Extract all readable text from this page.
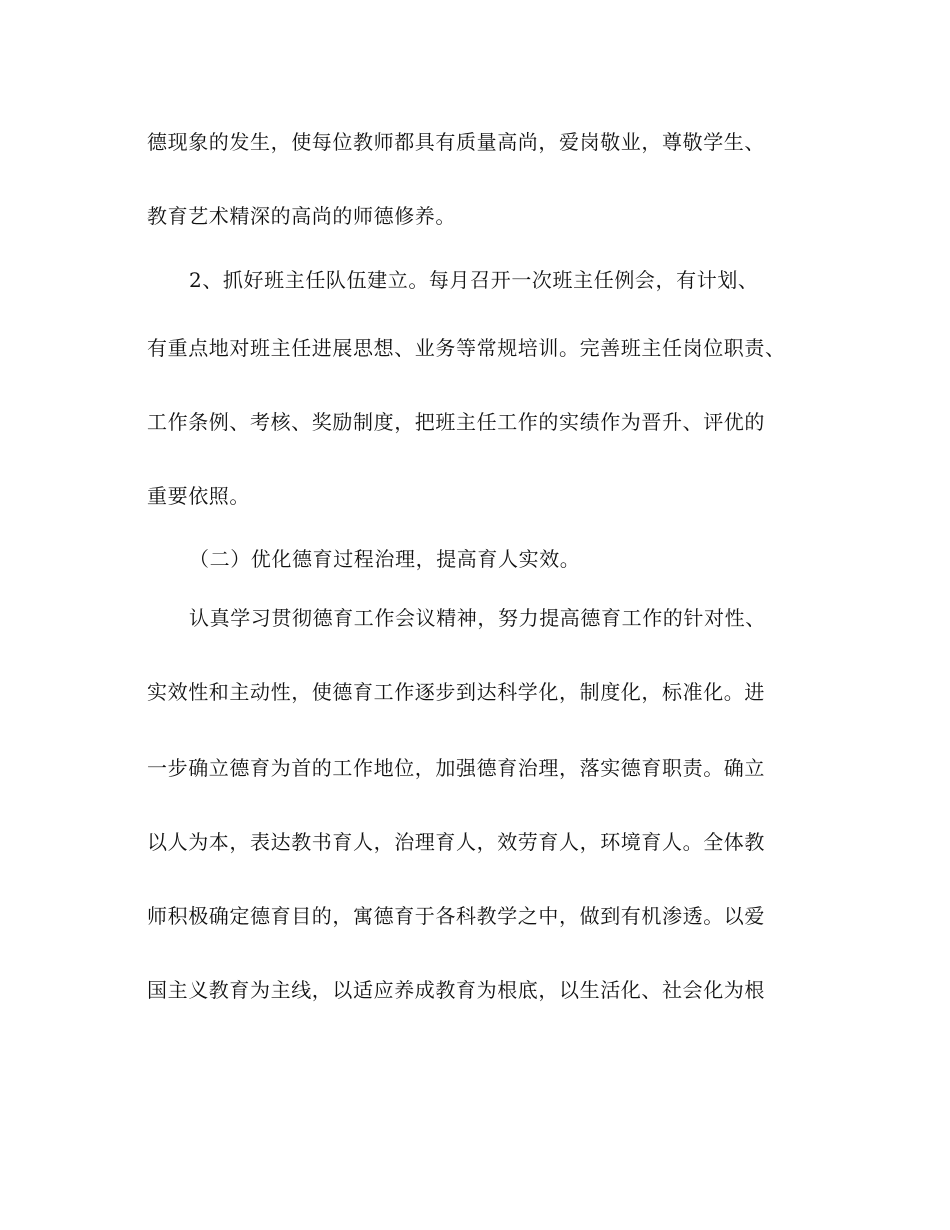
德现象的发生，使每位教师都具有质量高尚，爱岗敬业，尊敬学生、
教育艺术精深的高尚的师德修养。
2、抓好班主任队伍建立。每月召开一次班主任例会，有计划、
有重点地对班主任进展思想、业务等常规培训。完善班主任岗位职责、
工作条例、考核、奖励制度，把班主任工作的实绩作为晋升、评优的
重要依照。
（二）优化德育过程治理，提高育人实效。
认真学习贯彻德育工作会议精神，努力提高德育工作的针对性、
实效性和主动性，使德育工作逐步到达科学化，制度化，标准化。进
一步确立德育为首的工作地位，加强德育治理，落实德育职责。确立
以人为本，表达教书育人，治理育人，效劳育人，环境育人。全体教
师积极确定德育目的，寓德育于各科教学之中，做到有机渗透。以爱
国主义教育为主线，以适应养成教育为根底，以生活化、社会化为根
